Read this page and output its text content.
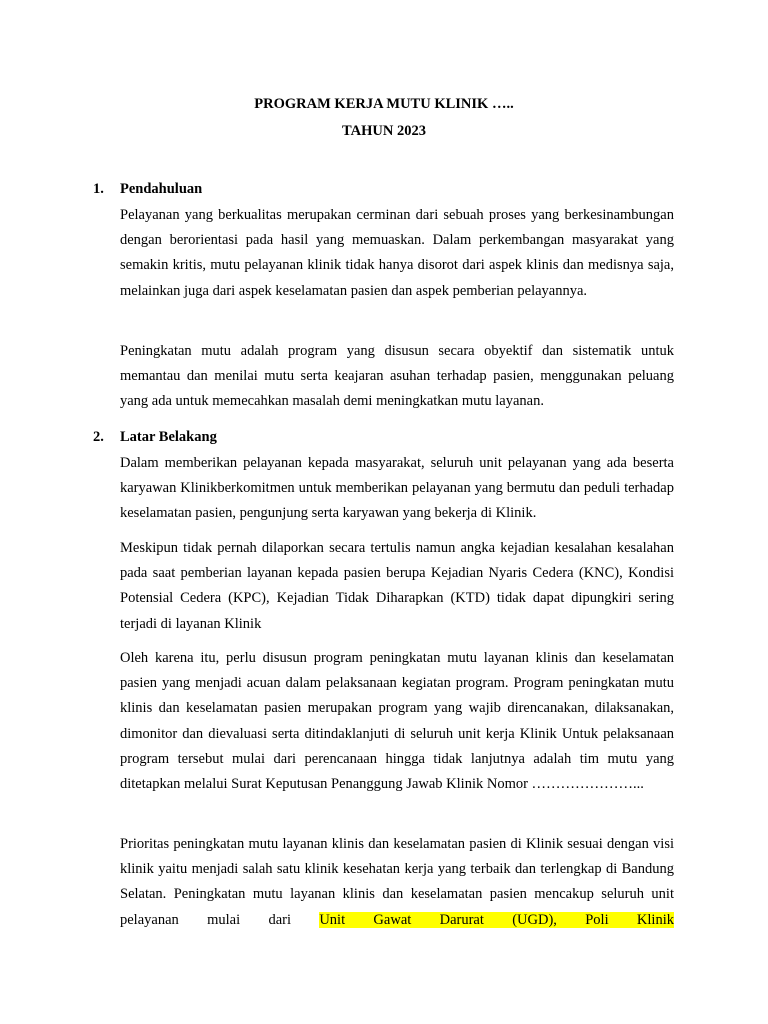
PROGRAM KERJA MUTU KLINIK …..

TAHUN 2023

1. Pendahuluan

Pelayanan yang berkualitas merupakan cerminan dari sebuah proses yang berkesinambungan dengan berorientasi pada hasil yang memuaskan. Dalam perkembangan masyarakat yang semakin kritis, mutu pelayanan klinik tidak hanya disorot dari aspek klinis dan medisnya saja, melainkan juga dari aspek keselamatan pasien dan aspek pemberian pelayannya.

Peningkatan mutu adalah program yang disusun secara obyektif dan sistematik untuk memantau dan menilai mutu serta keajaran asuhan terhadap pasien, menggunakan peluang yang ada untuk memecahkan masalah demi meningkatkan mutu layanan.

2. Latar Belakang

Dalam memberikan pelayanan kepada masyarakat, seluruh unit pelayanan yang ada beserta karyawan Klinikberkomitmen untuk memberikan pelayanan yang bermutu dan peduli terhadap keselamatan pasien, pengunjung serta karyawan yang bekerja di Klinik.

Meskipun tidak pernah dilaporkan secara tertulis namun angka kejadian kesalahan kesalahan pada saat pemberian layanan kepada pasien berupa Kejadian Nyaris Cedera (KNC), Kondisi Potensial Cedera (KPC), Kejadian Tidak Diharapkan (KTD) tidak dapat dipungkiri sering terjadi di layanan Klinik

Oleh karena itu, perlu disusun program peningkatan mutu layanan klinis dan keselamatan pasien yang menjadi acuan dalam pelaksanaan kegiatan program. Program peningkatan mutu klinis dan keselamatan pasien merupakan program yang wajib direncanakan, dilaksanakan, dimonitor dan dievaluasi serta ditindaklanjuti di seluruh unit kerja Klinik Untuk pelaksanaan program tersebut mulai dari perencanaan hingga tidak lanjutnya adalah tim mutu yang ditetapkan melalui Surat Keputusan Penanggung Jawab Klinik Nomor …………………...

Prioritas peningkatan mutu layanan klinis dan keselamatan pasien di Klinik sesuai dengan visi klinik yaitu menjadi salah satu klinik kesehatan kerja yang terbaik dan terlengkap di Bandung Selatan. Peningkatan mutu layanan klinis dan keselamatan pasien mencakup seluruh unit pelayanan mulai dari Unit Gawat Darurat (UGD), Poli Klinik
